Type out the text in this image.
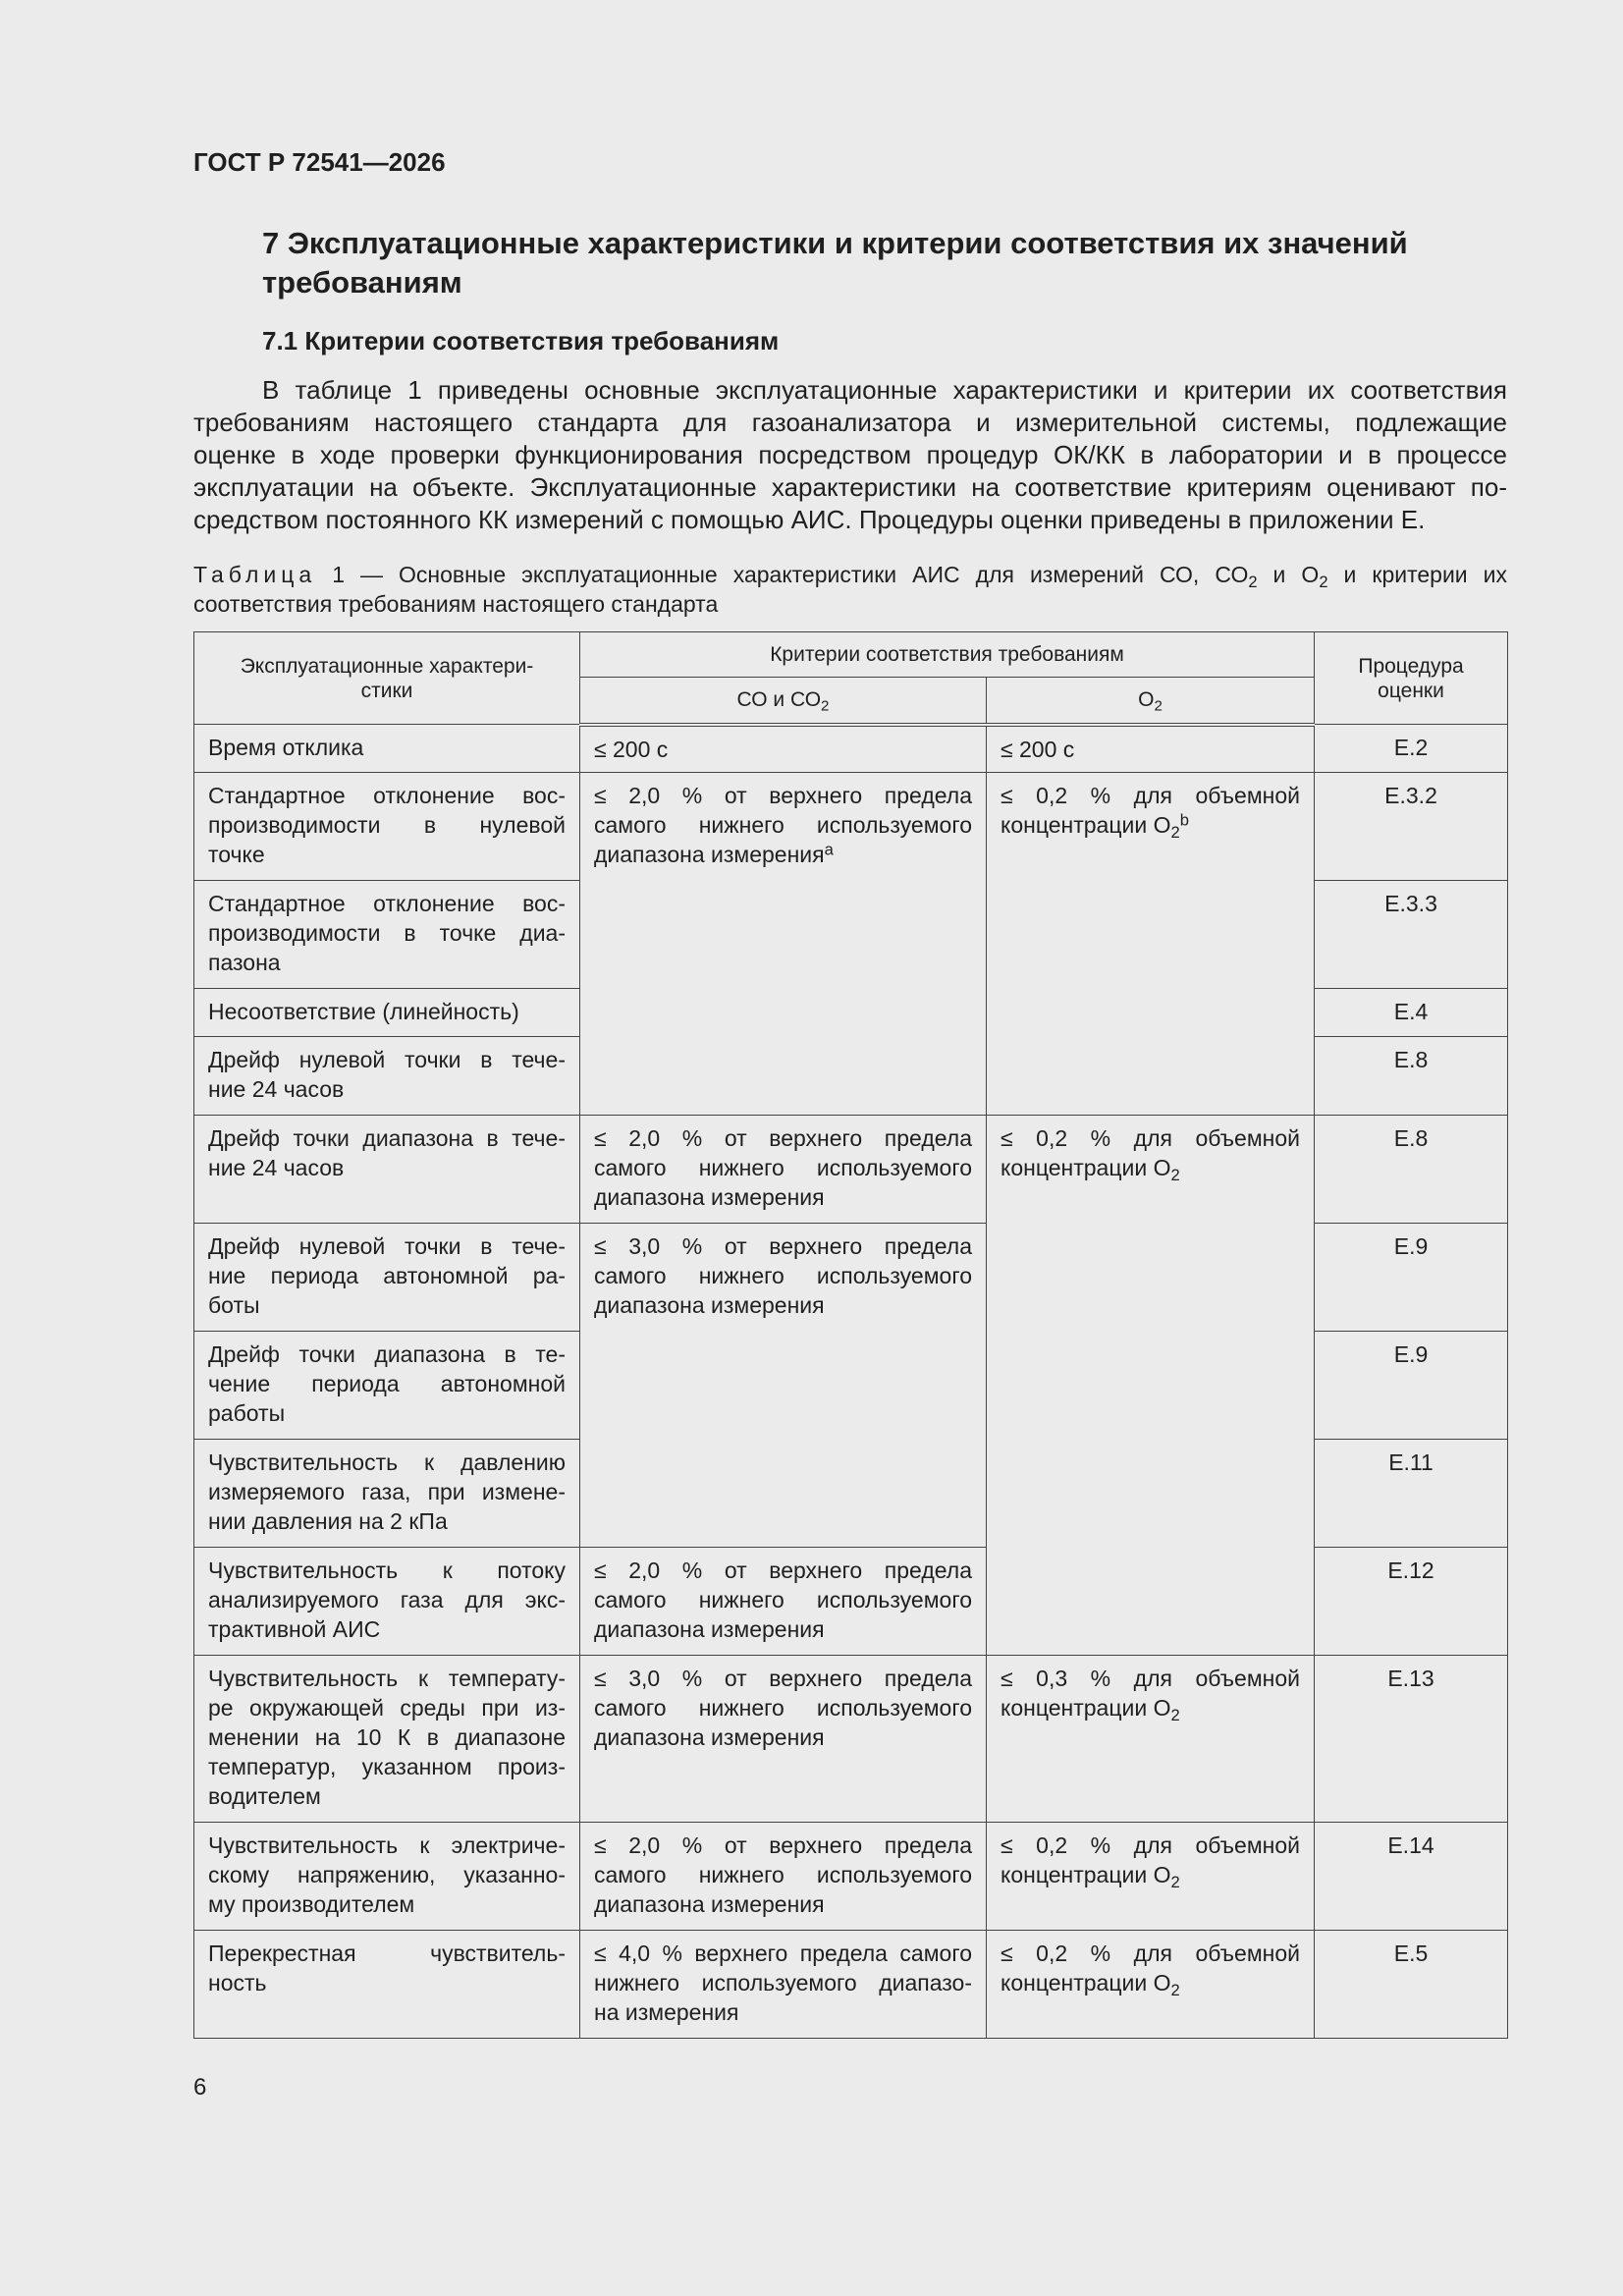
ГОСТ Р 72541—2026
7 Эксплуатационные характеристики и критерии соответствия их значений требованиям
7.1 Критерии соответствия требованиям
В таблице 1 приведены основные эксплуатационные характеристики и критерии их соответствия
требованиям настоящего стандарта для газоанализатора и измерительной системы, подлежащие
оценке в ходе проверки функционирования посредством процедур ОК/КК в лаборатории и в процессе
эксплуатации на объекте. Эксплуатационные характеристики на соответствие критериям оценивают по-
средством постоянного КК измерений с помощью АИС. Процедуры оценки приведены в приложении Е.
Таблица 1 — Основные эксплуатационные характеристики АИС для измерений СО, $СО_2$ и $О_2$ и критерии их
соответствия требованиям настоящего стандарта
Эксплуатационные характери-стики	Критерии соответствия требованиям		Процедура оценки
	СО и $СО_2$	$О_2$
Время отклика	≤ 200 с	≤ 200 с	Е.2

Стандартное отклонение вос-
производимости в нулевой
точке	≤ 2,0 % от верхнего предела
самого нижнего используемого
диапазона измерения$^a$	≤ 0,2 % для объемной
концентрации $О_2^b$	Е.3.2

Стандартное отклонение вос-
производимости в точке диа-
пазона			Е.3.3
Несоответствие (линейность)			Е.4

Дрейф нулевой точки в тече-
ние 24 часов			Е.8

Дрейф точки диапазона в тече-
ние 24 часов	≤ 2,0 % от верхнего предела
самого нижнего используемого
диапазона измерения	≤ 0,2 % для объемной
концентрации $О_2$	Е.8

Дрейф нулевой точки в тече-
ние периода автономной ра-
боты	≤ 3,0 % от верхнего предела
самого нижнего используемого
диапазона измерения		Е.9

Дрейф точки диапазона в те-
чение периода автономной
работы			Е.9

Чувствительность к давлению
измеряемого газа, при измене-
нии давления на 2 кПа			Е.11

Чувствительность к потоку
анализируемого газа для экс-
трактивной АИС	≤ 2,0 % от верхнего предела
самого нижнего используемого
диапазона измерения		Е.12

Чувствительность к температу-
ре окружающей среды при из-
менении на 10 К в диапазоне
температур, указанном произ-
водителем	≤ 3,0 % от верхнего предела
самого нижнего используемого
диапазона измерения	≤ 0,3 % для объемной
концентрации $О_2$	Е.13

Чувствительность к электриче-
скому напряжению, указанно-
му производителем	≤ 2,0 % от верхнего предела
самого нижнего используемого
диапазона измерения	≤ 0,2 % для объемной
концентрации $О_2$	Е.14

Перекрестная чувствитель-
ность	≤ 4,0 % верхнего предела самого
нижнего используемого диапазо-
на измерения	≤ 0,2 % для объемной
концентрации $О_2$	Е.5
6
